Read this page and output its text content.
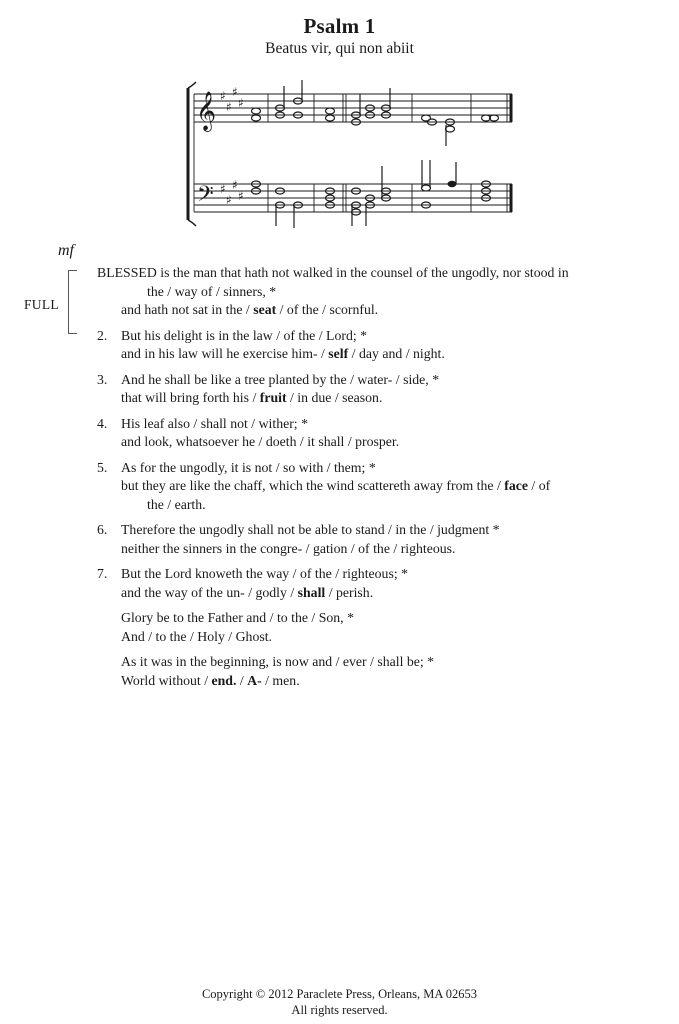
Psalm 1
Beatus vir, qui non abiit
𝄞
𝄢
♯
♯
♯
♯
♯
♯
♯
♯
mf
FULL
BLESSED is the man that hath not walked in the counsel of the ungodly, nor stood in
the / way of / sinners, *
and hath not sat in the / seat / of the / scornful.
2. But his delight is in the law / of the / Lord; *
and in his law will he exercise him- / self / day and / night.
3. And he shall be like a tree planted by the / water- / side, *
that will bring forth his / fruit / in due / season.
4. His leaf also / shall not / wither; *
and look, whatsoever he / doeth / it shall / prosper.
5. As for the ungodly, it is not / so with / them; *
but they are like the chaff, which the wind scattereth away from the / face / of
the / earth.
6. Therefore the ungodly shall not be able to stand / in the / judgment *
neither the sinners in the congre- / gation / of the / righteous.
7. But the Lord knoweth the way / of the / righteous; *
and the way of the un- / godly / shall / perish.
Glory be to the Father and / to the / Son, *
And / to the / Holy / Ghost.
As it was in the beginning, is now and / ever / shall be; *
World without / end. / A- / men.
Copyright © 2012 Paraclete Press, Orleans, MA 02653
All rights reserved.
